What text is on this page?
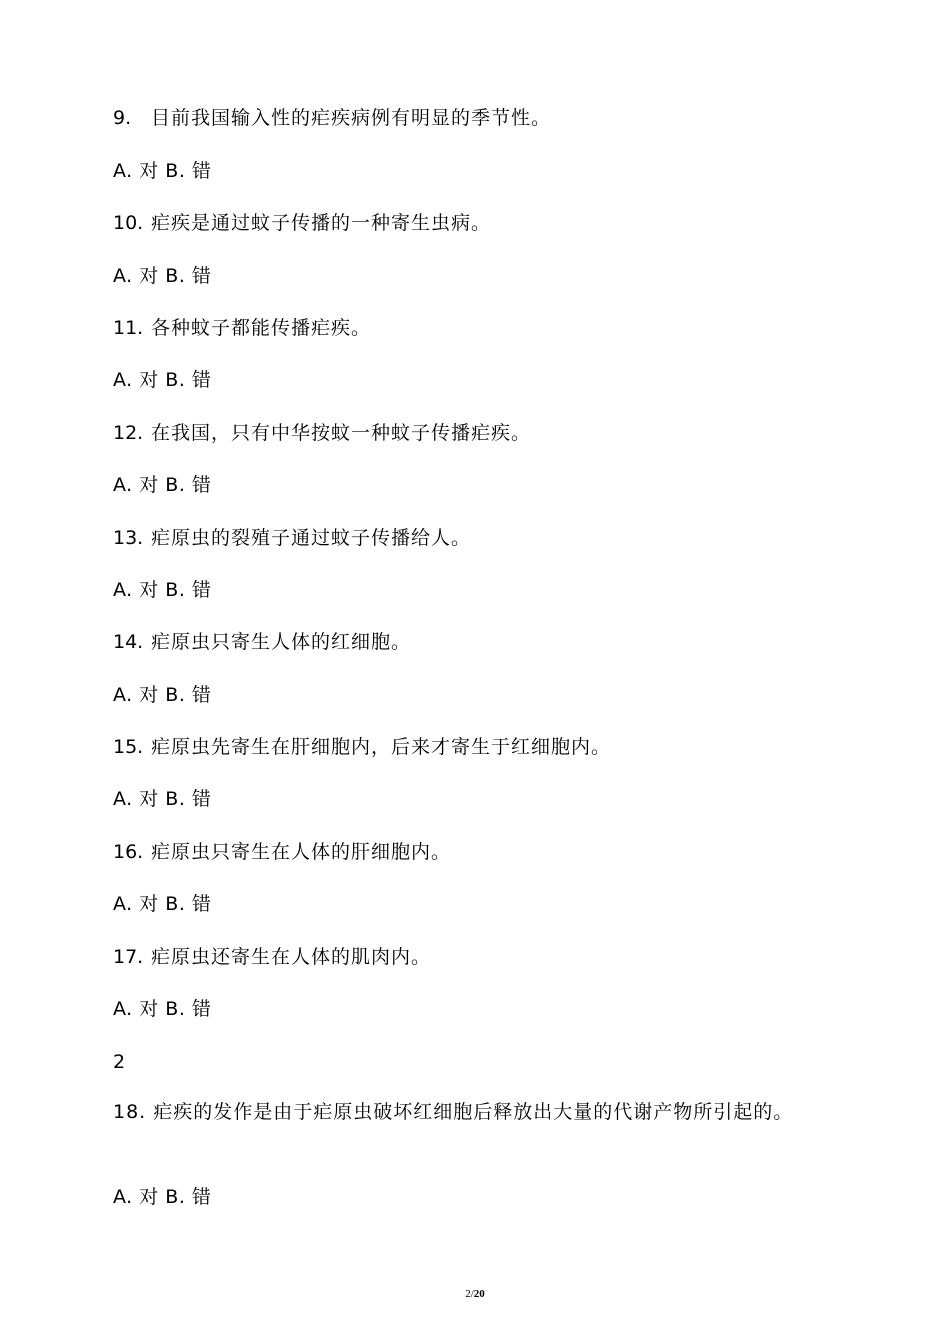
9. 目前我国输入性的疟疾病例有明显的季节性。
A. 对 B. 错
10. 疟疾是通过蚊子传播的一种寄生虫病。
A. 对 B. 错
11. 各种蚊子都能传播疟疾。
A. 对 B. 错
12. 在我国，只有中华按蚊一种蚊子传播疟疾。
A. 对 B. 错
13. 疟原虫的裂殖子通过蚊子传播给人。
A. 对 B. 错
14. 疟原虫只寄生人体的红细胞。
A. 对 B. 错
15. 疟原虫先寄生在肝细胞内，后来才寄生于红细胞内。
A. 对 B. 错
16. 疟原虫只寄生在人体的肝细胞内。
A. 对 B. 错
17. 疟原虫还寄生在人体的肌肉内。
A. 对 B. 错
2
18. 疟疾的发作是由于疟原虫破坏红细胞后释放出大量的代谢产物所引起的。
A. 对 B. 错
2/20
